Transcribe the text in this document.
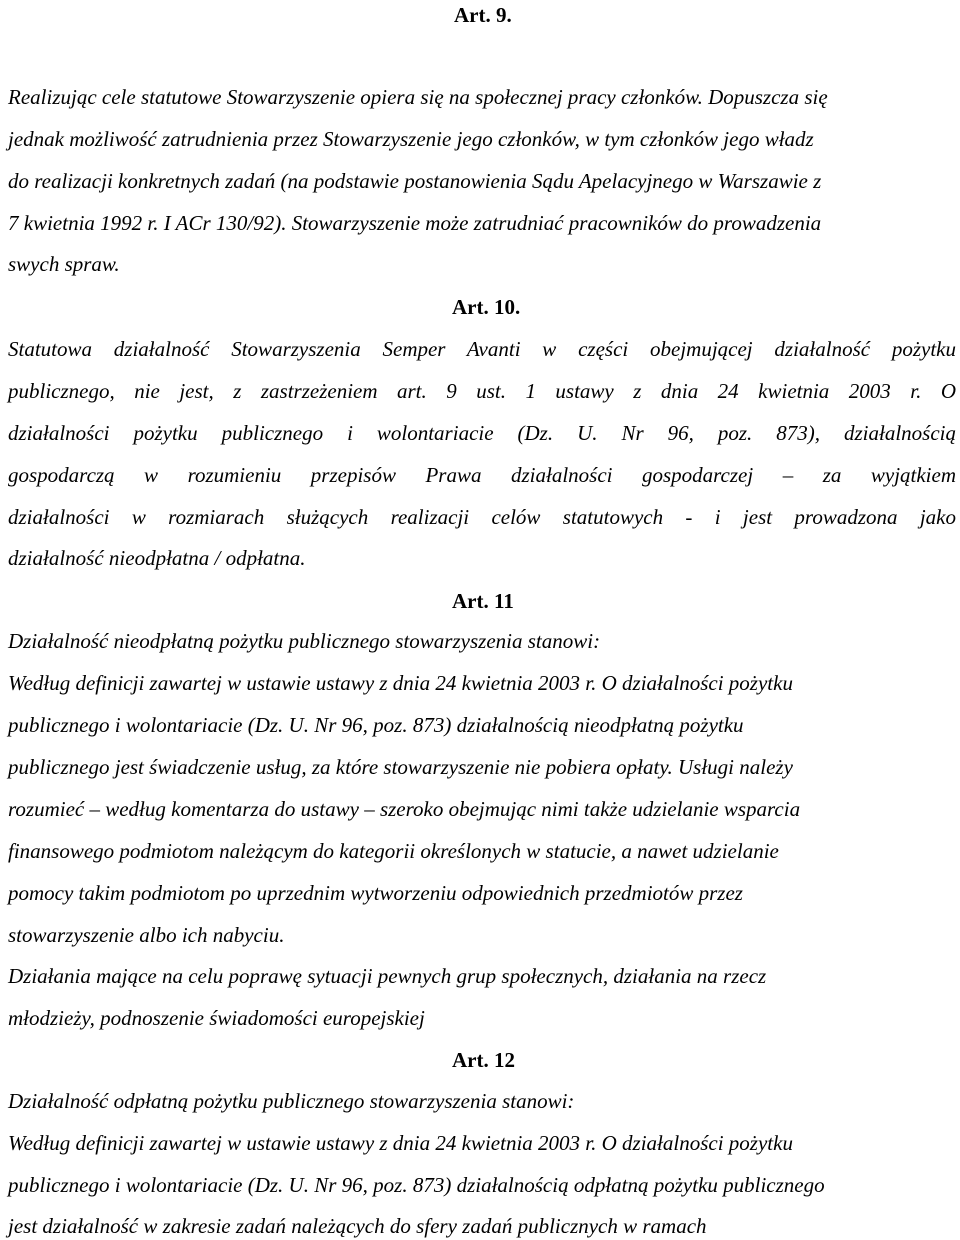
Art. 9.
Realizując cele statutowe Stowarzyszenie opiera się na społecznej pracy członków. Dopuszcza się
jednak możliwość zatrudnienia przez Stowarzyszenie jego członków, w tym członków jego władz
do realizacji konkretnych zadań (na podstawie postanowienia Sądu Apelacyjnego w Warszawie z
7 kwietnia 1992 r. I ACr 130/92). Stowarzyszenie może zatrudniać pracowników do prowadzenia
swych spraw.
Art. 10.
Statutowa działalność Stowarzyszenia Semper Avanti w części obejmującej działalność pożytku
publicznego, nie jest, z zastrzeżeniem art. 9 ust. 1 ustawy z dnia 24 kwietnia 2003 r. O
działalności pożytku publicznego i wolontariacie (Dz. U. Nr 96, poz. 873), działalnością
gospodarczą w rozumieniu przepisów Prawa działalności gospodarczej – za wyjątkiem
działalności w rozmiarach służących realizacji celów statutowych - i jest prowadzona jako
działalność nieodpłatna / odpłatna.
Art. 11
Działalność nieodpłatną pożytku publicznego stowarzyszenia stanowi:
Według definicji zawartej w ustawie ustawy z dnia 24 kwietnia 2003 r. O działalności pożytku
publicznego i wolontariacie (Dz. U. Nr 96, poz. 873) działalnością nieodpłatną pożytku
publicznego jest świadczenie usług, za które stowarzyszenie nie pobiera opłaty. Usługi należy
rozumieć – według komentarza do ustawy – szeroko obejmując nimi także udzielanie wsparcia
finansowego podmiotom należącym do kategorii określonych w statucie, a nawet udzielanie
pomocy takim podmiotom po uprzednim wytworzeniu odpowiednich przedmiotów przez
stowarzyszenie albo ich nabyciu.
Działania mające na celu poprawę sytuacji pewnych grup społecznych, działania na rzecz
młodzieży, podnoszenie świadomości europejskiej
Art. 12
Działalność odpłatną pożytku publicznego stowarzyszenia stanowi:
Według definicji zawartej w ustawie ustawy z dnia 24 kwietnia 2003 r. O działalności pożytku
publicznego i wolontariacie (Dz. U. Nr 96, poz. 873) działalnością odpłatną pożytku publicznego
jest działalność w zakresie zadań należących do sfery zadań publicznych w ramach
